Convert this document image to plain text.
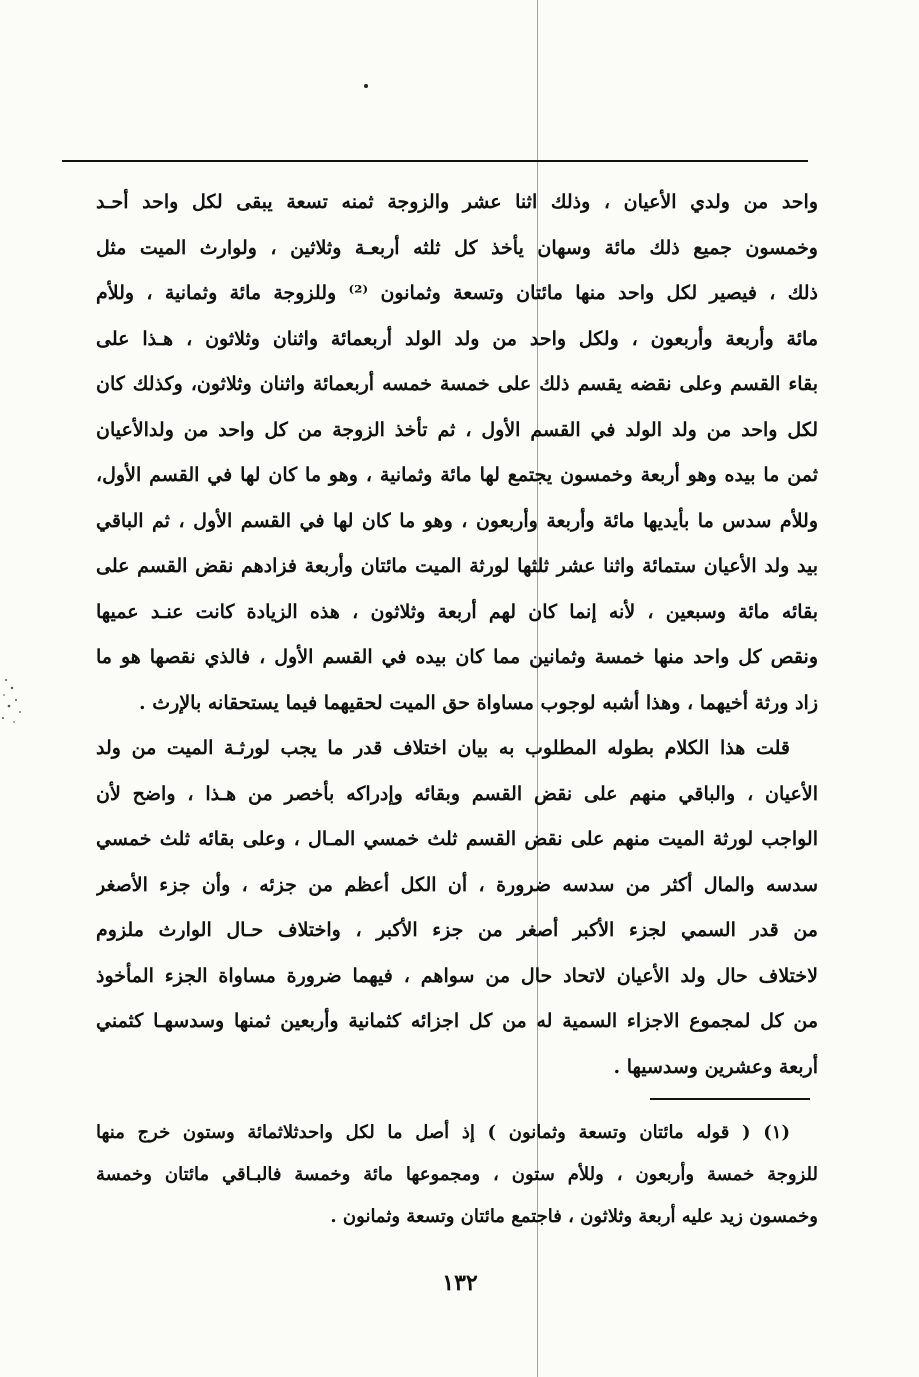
واحد من ولدي الأعيان ، وذلك اثنا عشر والزوجة ثمنه تسعة يبقى لكل واحد أحـد
وخمسون جميع ذلك مائة وسهان يأخذ كل ثلثه أربعـة وثلاثين ، ولوارث الميت مثل
ذلك ، فيصير لكل واحد منها مائتان وتسعة وثمانون ⁽²⁾ وللزوجة مائة وثمانية ، وللأم
مائة وأربعة وأربعون ، ولكل واحد من ولد الولد أربعمائة واثنان وثلاثون ، هـذا على
بقاء القسم وعلى نقضه يقسم ذلك على خمسة خمسه أربعمائة واثنان وثلاثون، وكذلك كان
لكل واحد من ولد الولد في القسم الأول ، ثم تأخذ الزوجة من كل واحد من ولدالأعيان
ثمن ما بيده وهو أربعة وخمسون يجتمع لها مائة وثمانية ، وهو ما كان لها في القسم الأول،
وللأم سدس ما بأيديها مائة وأربعة وأربعون ، وهو ما كان لها في القسم الأول ، ثم الباقي
بيد ولد الأعيان ستمائة واثنا عشر ثلثها لورثة الميت مائتان وأربعة فزادهم نقض القسم على
بقائه مائة وسبعين ، لأنه إنما كان لهم أربعة وثلاثون ، هذه الزيادة كانت عنـد عميها
ونقص كل واحد منها خمسة وثمانين مما كان بيده في القسم الأول ، فالذي نقصها هو ما
زاد ورثة أخيهما ، وهذا أشبه لوجوب مساواة حق الميت لحقيهما فيما يستحقانه بالإرث .
قلت هذا الكلام بطوله المطلوب به بيان اختلاف قدر ما يجب لورثـة الميت من ولد
الأعيان ، والباقي منهم على نقض القسم وبقائه وإدراكه بأخصر من هـذا ، واضح لأن
الواجب لورثة الميت منهم على نقض القسم ثلث خمسي المـال ، وعلى بقائه ثلث خمسي
سدسه والمال أكثر من سدسه ضرورة ، أن الكل أعظم من جزئه ، وأن جزء الأصغر
من قدر السمي لجزء الأكبر أصغر من جزء الأكبر ، واختلاف حـال الوارث ملزوم
لاختلاف حال ولد الأعيان لاتحاد حال من سواهم ، فيهما ضرورة مساواة الجزء المأخوذ
من كل لمجموع الاجزاء السمية له من كل اجزائه كثمانية وأربعين ثمنها وسدسهـا كثمني
أربعة وعشرين وسدسيها .
(١) ( قوله مائتان وتسعة وثمانون ) إذ أصل ما لكل واحدثلاثمائة وستون خرج منها
للزوجة خمسة وأربعون ، وللأم ستون ، ومجموعها مائة وخمسة فالبـاقي مائتان وخمسة
وخمسون زيد عليه أربعة وثلاثون ، فاجتمع مائتان وتسعة وثمانون .
١٣٢
